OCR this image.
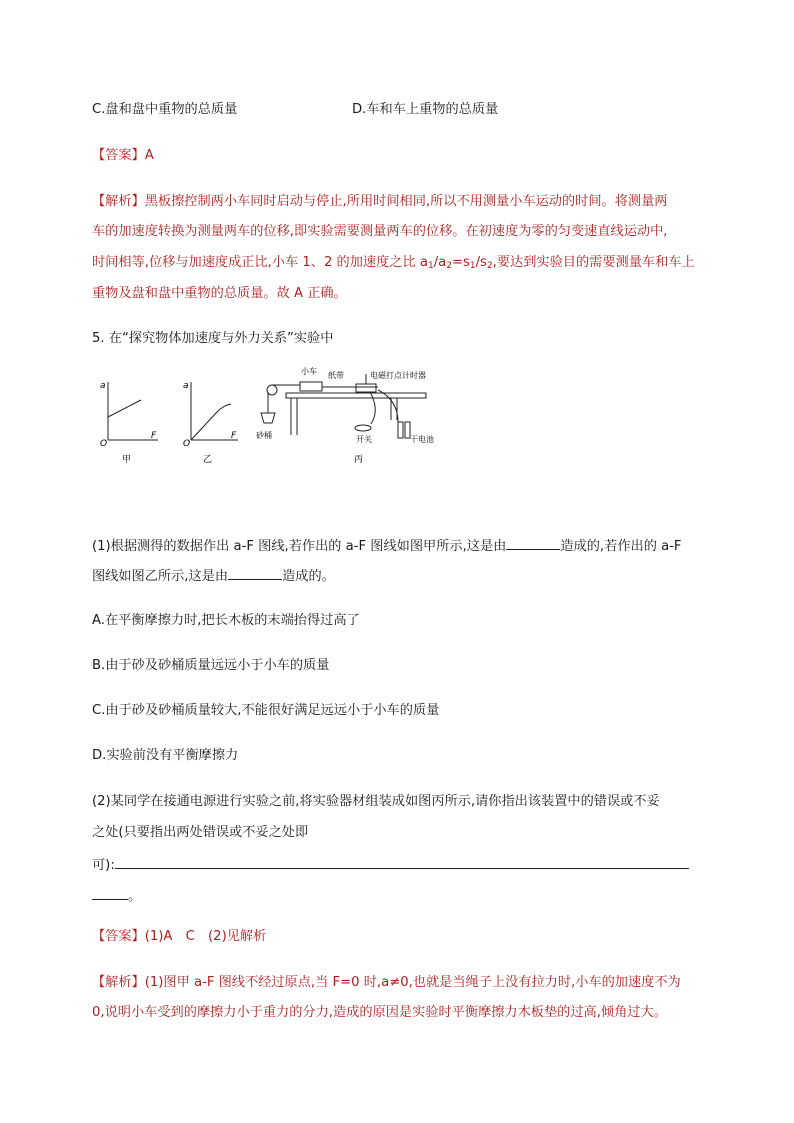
C.盘和盘中重物的总质量	D.车和车上重物的总质量
【答案】A
【解析】黑板擦控制两小车同时启动与停止,所用时间相同,所以不用测量小车运动的时间。将测量两
车的加速度转换为测量两车的位移,即实验需要测量两车的位移。在初速度为零的匀变速直线运动中,
时间相等,位移与加速度成正比,小车 1、2 的加速度之比 $a_1/a_2=s_1/s_2$,要达到实验目的需要测量车和车上
重物及盘和盘中重物的总质量。故 A 正确。
5. 在“探究物体加速度与外力关系”实验中
a
O
F
甲
a
O
F
乙
小车 纸带	电磁打点计时器
砂桶	开关	干电池
丙
(1)根据测得的数据作出 a-F 图线,若作出的 a-F 图线如图甲所示,这是由	造成的,若作出的 a-F
图线如图乙所示,这是由	造成的。
A.在平衡摩擦力时,把长木板的末端抬得过高了
B.由于砂及砂桶质量远远小于小车的质量
C.由于砂及砂桶质量较大,不能很好满足远远小于小车的质量
D.实验前没有平衡摩擦力
(2)某同学在接通电源进行实验之前,将实验器材组装成如图丙所示,请你指出该装置中的错误或不妥
之处(只要指出两处错误或不妥之处即
可):
。
【答案】(1)A　C　(2)见解析
【解析】(1)图甲 a-F 图线不经过原点,当 F=0 时,a≠0,也就是当绳子上没有拉力时,小车的加速度不为
0,说明小车受到的摩擦力小于重力的分力,造成的原因是实验时平衡摩擦力木板垫的过高,倾角过大。
